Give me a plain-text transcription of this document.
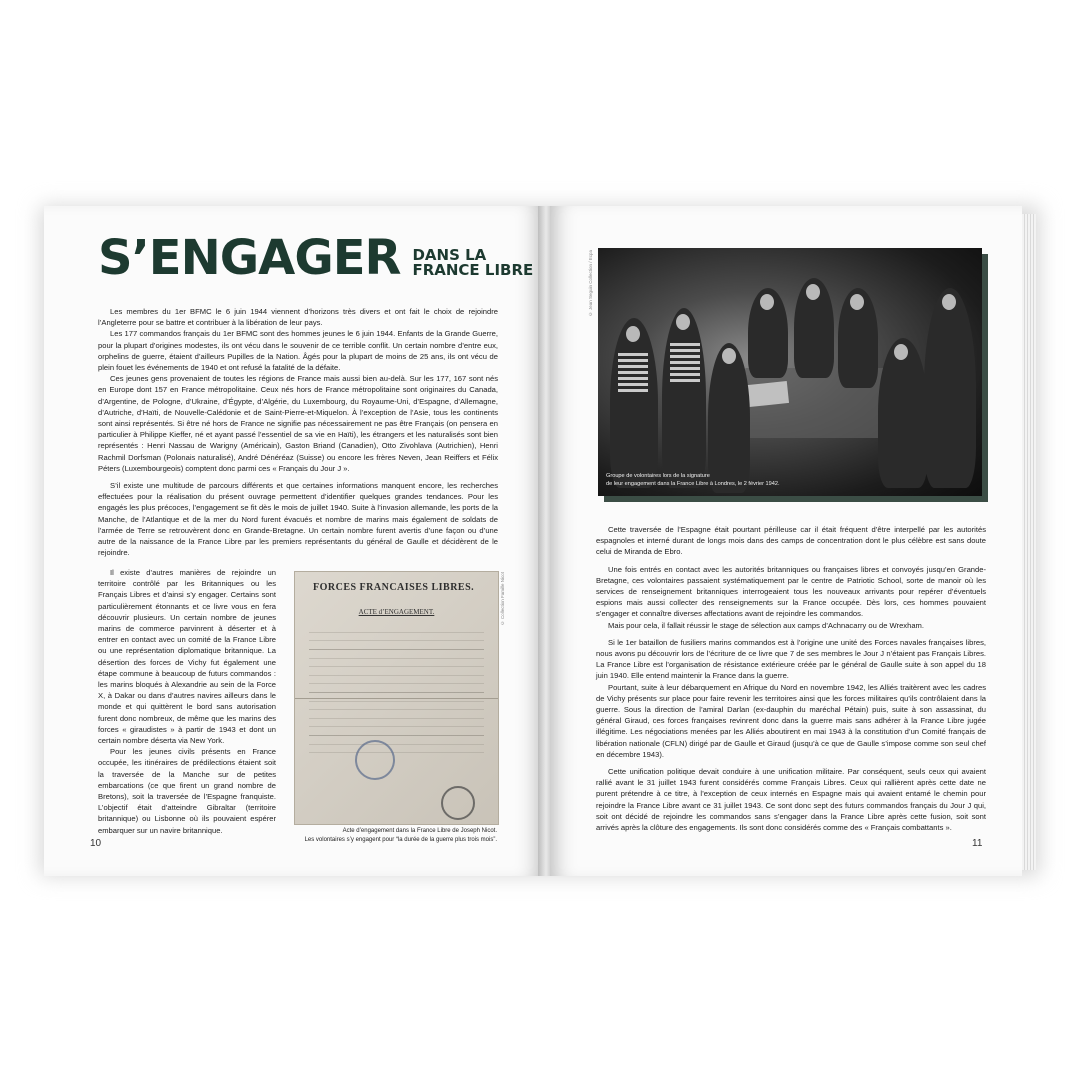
S’ENGAGER DANS LA
FRANCE LIBRE

Les membres du 1er BFMC le 6 juin 1944 viennent d’horizons très divers et ont fait le choix de rejoindre l’Angleterre pour se battre et contribuer à la libération de leur pays.

Les 177 commandos français du 1er BFMC sont des hommes jeunes le 6 juin 1944. Enfants de la Grande Guerre, pour la plupart d’origines modestes, ils ont vécu dans le souvenir de ce terrible conflit. Un certain nombre d’entre eux, orphelins de guerre, étaient d’ailleurs Pupilles de la Nation. Âgés pour la plupart de moins de 25 ans, ils ont vécu de plein fouet les événements de 1940 et ont refusé la fatalité de la défaite.

Ces jeunes gens provenaient de toutes les régions de France mais aussi bien au-delà. Sur les 177, 167 sont nés en Europe dont 157 en France métropolitaine. Ceux nés hors de France métropolitaine sont originaires du Canada, d’Argentine, de Pologne, d’Ukraine, d’Égypte, d’Algérie, du Luxembourg, du Royaume-Uni, d’Espagne, d’Allemagne, d’Autriche, d’Haïti, de Nouvelle-Calédonie et de Saint-Pierre-et-Miquelon. À l’exception de l’Asie, tous les continents sont ainsi représentés. Si être né hors de France ne signifie pas nécessairement ne pas être Français (on pensera en particulier à Philippe Kieffer, né et ayant passé l’essentiel de sa vie en Haïti), les étrangers et les naturalisés sont bien représentés : Henri Nassau de Warigny (Américain), Gaston Briand (Canadien), Otto Zivohlava (Autrichien), Henri Rachmil Dorfsman (Polonais naturalisé), André Dénéréaz (Suisse) ou encore les frères Neven, Jean Reiffers et Félix Péters (Luxembourgeois) comptent donc parmi ces « Français du Jour J ».

S’il existe une multitude de parcours différents et que certaines informations manquent encore, les recherches effectuées pour la réalisation du présent ouvrage permettent d’identifier quelques grandes tendances. Pour les engagés les plus précoces, l’engagement se fit dès le mois de juillet 1940. Suite à l’invasion allemande, les ports de la Manche, de l’Atlantique et de la mer du Nord furent évacués et nombre de marins mais également de soldats de l’armée de Terre se retrouvèrent donc en Grande-Bretagne. Un certain nombre furent avertis d’une façon ou d’une autre de la naissance de la France Libre par les premiers représentants du général de Gaulle et décidèrent de le rejoindre.

Il existe d’autres manières de rejoindre un territoire contrôlé par les Britanniques ou les Français Libres et d’ainsi s’y engager. Certains sont particulièrement étonnants et ce livre vous en fera découvrir plusieurs. Un certain nombre de jeunes marins de commerce parvinrent à déserter et à entrer en contact avec un comité de la France Libre ou une représentation diplomatique britannique. La désertion des forces de Vichy fut également une étape commune à beaucoup de futurs commandos : les marins bloqués à Alexandrie au sein de la Force X, à Dakar ou dans d’autres navires ailleurs dans le monde et qui quittèrent le bord sans autorisation furent donc nombreux, de même que les marins des forces « giraudistes » à partir de 1943 et dont un certain nombre déserta via New York.

Pour les jeunes civils présents en France occupée, les itinéraires de prédilections étaient soit la traversée de la Manche sur de petites embarcations (ce que firent un grand nombre de Bretons), soit la traversée de l’Espagne franquiste. L’objectif était d’atteindre Gibraltar (territoire britannique) ou Lisbonne où ils pouvaient espérer embarquer sur un navire britannique.

FORCES FRANCAISES LIBRES.
ACTE d’ENGAGEMENT.	© Collection Famille Nicot
Acte d’engagement dans la France Libre de Joseph Nicot.
Les volontaires s’y engagent pour “la durée de la guerre plus trois mois”.
10
© Jean Seguin Collection / Ecpa
Groupe de volontaires lors de la signature
de leur engagement dans la France Libre à Londres, le 2 février 1942.

Cette traversée de l’Espagne était pourtant périlleuse car il était fréquent d’être interpellé par les autorités espagnoles et interné durant de longs mois dans des camps de concentration dont le plus célèbre est sans doute celui de Miranda de Ebro.

Une fois entrés en contact avec les autorités britanniques ou françaises libres et convoyés jusqu’en Grande-Bretagne, ces volontaires passaient systématiquement par le centre de Patriotic School, sorte de manoir où les services de renseignement britanniques interrogeaient tous les nouveaux arrivants pour repérer d’éventuels espions mais aussi collecter des renseignements sur la France occupée. Dès lors, ces hommes pouvaient s’engager et connaître diverses affectations avant de rejoindre les commandos.

Mais pour cela, il fallait réussir le stage de sélection aux camps d’Achnacarry ou de Wrexham.

Si le 1er bataillon de fusiliers marins commandos est à l’origine une unité des Forces navales françaises libres, nous avons pu découvrir lors de l’écriture de ce livre que 7 de ses membres le Jour J n’étaient pas Français Libres. La France Libre est l’organisation de résistance extérieure créée par le général de Gaulle suite à son appel du 18 juin 1940. Elle entend maintenir la France dans la guerre.

Pourtant, suite à leur débarquement en Afrique du Nord en novembre 1942, les Alliés traitèrent avec les cadres de Vichy présents sur place pour faire revenir les territoires ainsi que les forces militaires qu’ils contrôlaient dans la guerre. Sous la direction de l’amiral Darlan (ex-dauphin du maréchal Pétain) puis, suite à son assassinat, du général Giraud, ces forces françaises revinrent donc dans la guerre mais sans adhérer à la France Libre jugée illégitime. Les négociations menées par les Alliés aboutirent en mai 1943 à la constitution d’un Comité français de libération nationale (CFLN) dirigé par de Gaulle et Giraud (jusqu’à ce que de Gaulle s’impose comme son seul chef en décembre 1943).

Cette unification politique devait conduire à une unification militaire. Par conséquent, seuls ceux qui avaient rallié avant le 31 juillet 1943 furent considérés comme Français Libres. Ceux qui rallièrent après cette date ne purent prétendre à ce titre, à l’exception de ceux internés en Espagne mais qui avaient entamé le chemin pour rejoindre la France Libre avant ce 31 juillet 1943. Ce sont donc sept des futurs commandos français du Jour J qui, soit ont décidé de rejoindre les commandos sans s’engager dans la France Libre après cette fusion, soit sont arrivés après la clôture des engagements. Ils sont donc considérés comme des « Français combattants ».

11
